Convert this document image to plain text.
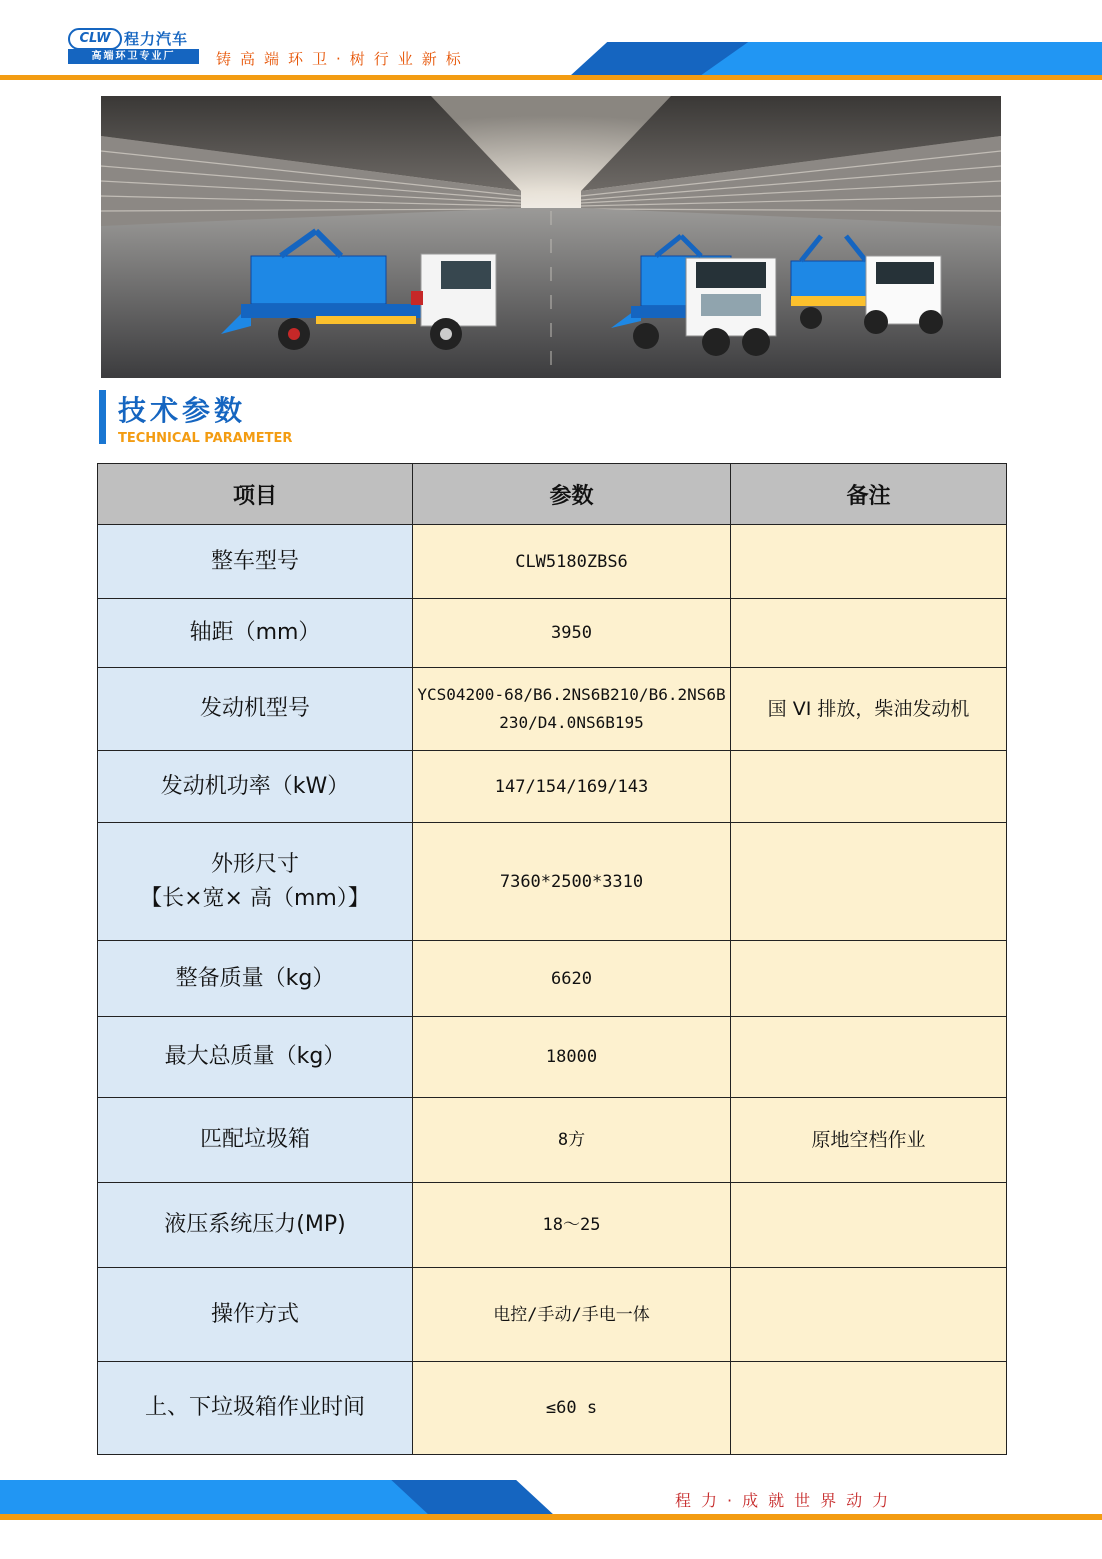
CLW 程力汽车
高端环卫专业厂	铸高端环卫·树行业新标
技术参数
TECHNICAL PARAMETER
项目	参数	备注
整车型号	CLW5180ZBS6	
轴距（mm）	3950	
发动机型号	YCS04200-68/B6.2NS6B210/B6.2NS6B230/D4.0NS6B195	国 VI 排放，柴油发动机
发动机功率（kW）	147/154/169/143	

外形尺寸
【长×宽× 高（mm）】	7360*2500*3310	
整备质量（kg）	6620	
最大总质量（kg）	18000	
匹配垃圾箱	8方	原地空档作业
液压系统压力(MP)	18～25	
操作方式	电控/手动/手电一体	
上、下垃圾箱作业时间	≤60 s	
程力·成就世界动力
